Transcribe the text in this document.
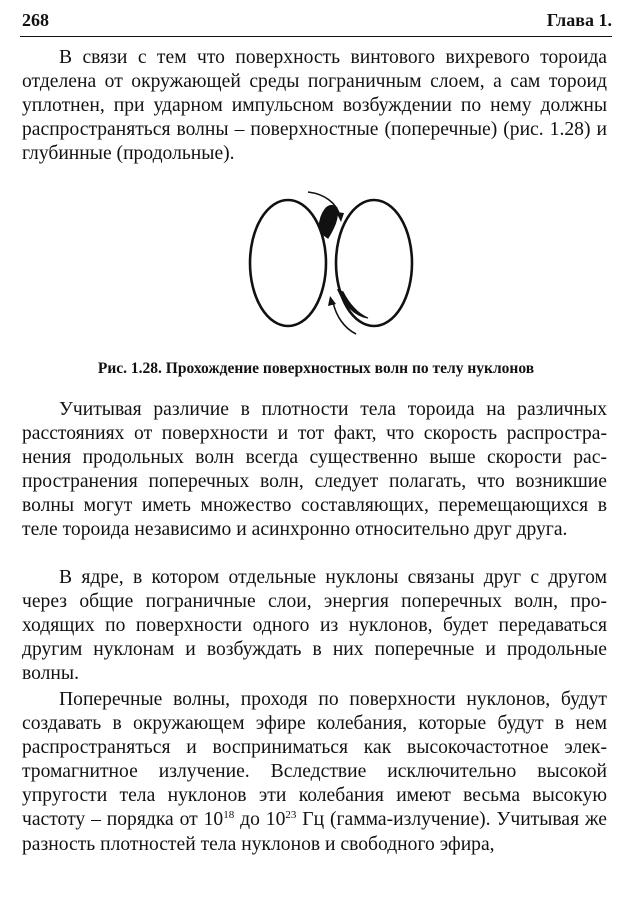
268	Глава 1.

В связи с тем что поверхность винтового вихревого тороида отделена от окружающей среды пограничным слоем, а сам тороид уплотнен, при ударном импульсном возбуждении по нему должны распространяться волны – поверхностные (поперечные) (рис. 1.28) и глубинные (продольные).

Рис. 1.28. Прохождение поверхностных волн по телу нуклонов

Учитывая различие в плотности тела тороида на различных расстояниях от поверхности и тот факт, что скорость распространения продольных волн всегда существенно выше скорости распространения поперечных волн, следует полагать, что возникшие волны могут иметь множество составляющих, перемещающихся в теле тороида независимо и асинхронно относительно друг друга.

В ядре, в котором отдельные нуклоны связаны друг с другом через общие пограничные слои, энергия поперечных волн, проходящих по поверхности одного из нуклонов, будет передаваться другим нуклонам и возбуждать в них поперечные и продольные волны.

Поперечные волны, проходя по поверхности нуклонов, будут создавать в окружающем эфире колебания, которые будут в нем распространяться и восприниматься как высокочастотное электромагнитное излучение. Вследствие исключительно высокой упругости тела нуклонов эти колебания имеют весьма высокую частоту – порядка от $10^{18}$ до $10^{23}$ Гц (гамма-излучение). Учитывая же разность плотностей тела нуклонов и свободного эфира,
